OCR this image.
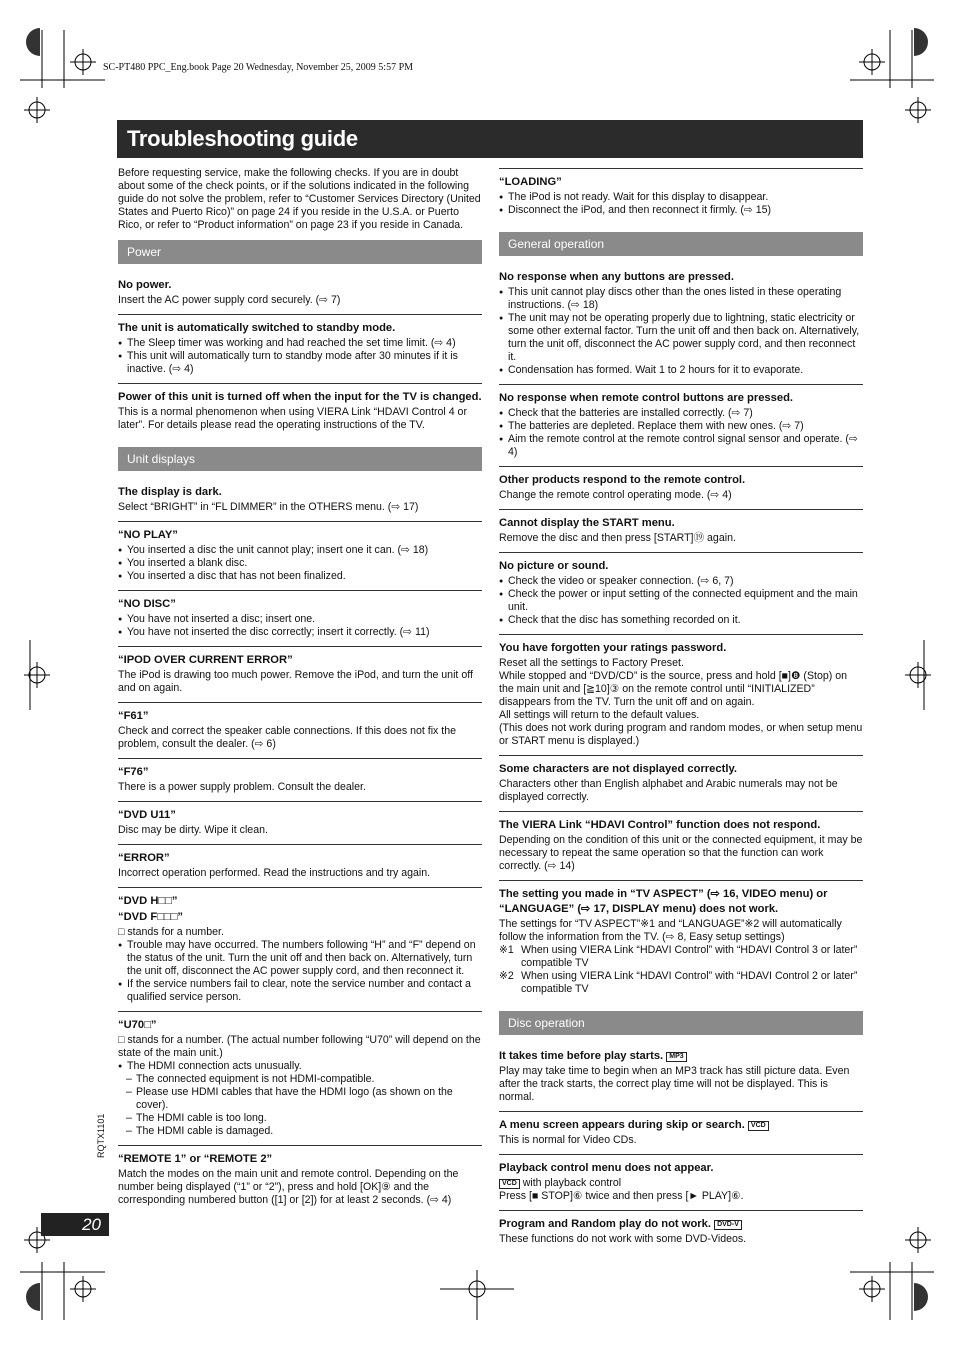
SC-PT480 PPC_Eng.book Page 20 Wednesday, November 25, 2009 5:57 PM
Troubleshooting guide

Before requesting service, make the following checks. If you are in doubt about some of the check points, or if the solutions indicated in the following guide do not solve the problem, refer to “Customer Services Directory (United States and Puerto Rico)” on page 24 if you reside in the U.S.A. or Puerto Rico, or refer to “Product information” on page 23 if you reside in Canada.

Power
No power.

Insert the AC power supply cord securely. (⇨ 7)

The unit is automatically switched to standby mode.
● The Sleep timer was working and had reached the set time limit. (⇨ 4)
● This unit will automatically turn to standby mode after 30 minutes if it is inactive. (⇨ 4)
Power of this unit is turned off when the input for the TV is changed.

This is a normal phenomenon when using VIERA Link “HDAVI Control 4 or later”. For details please read the operating instructions of the TV.

Unit displays
The display is dark.

Select “BRIGHT” in “FL DIMMER” in the OTHERS menu. (⇨ 17)

“NO PLAY”
● You inserted a disc the unit cannot play; insert one it can. (⇨ 18)
● You inserted a blank disc.
● You inserted a disc that has not been finalized.
“NO DISC”
● You have not inserted a disc; insert one.
● You have not inserted the disc correctly; insert it correctly. (⇨ 11)
“IPOD OVER CURRENT ERROR”

The iPod is drawing too much power. Remove the iPod, and turn the unit off and on again.

“F61”

Check and correct the speaker cable connections. If this does not fix the problem, consult the dealer. (⇨ 6)

“F76”

There is a power supply problem. Consult the dealer.

“DVD U11”

Disc may be dirty. Wipe it clean.

“ERROR”

Incorrect operation performed. Read the instructions and try again.

“DVD H□□”
“DVD F□□□”

□ stands for a number.

● Trouble may have occurred. The numbers following “H” and “F” depend on the status of the unit. Turn the unit off and then back on. Alternatively, turn the unit off, disconnect the AC power supply cord, and then reconnect it.
● If the service numbers fail to clear, note the service number and contact a qualified service person.
“U70□”

□ stands for a number. (The actual number following “U70” will depend on the state of the main unit.)

● The HDMI connection acts unusually.
– The connected equipment is not HDMI-compatible.
– Please use HDMI cables that have the HDMI logo (as shown on the cover).
– The HDMI cable is too long.
– The HDMI cable is damaged.
“REMOTE 1” or “REMOTE 2”

Match the modes on the main unit and remote control. Depending on the number being displayed (“1” or “2”), press and hold [OK]⑨ and the corresponding numbered button ([1] or [2]) for at least 2 seconds. (⇨ 4)

“LOADING”
● The iPod is not ready. Wait for this display to disappear.
● Disconnect the iPod, and then reconnect it firmly. (⇨ 15)
General operation
No response when any buttons are pressed.
● This unit cannot play discs other than the ones listed in these operating instructions. (⇨ 18)
● The unit may not be operating properly due to lightning, static electricity or some other external factor. Turn the unit off and then back on. Alternatively, turn the unit off, disconnect the AC power supply cord, and then reconnect it.
● Condensation has formed. Wait 1 to 2 hours for it to evaporate.
No response when remote control buttons are pressed.
● Check that the batteries are installed correctly. (⇨ 7)
● The batteries are depleted. Replace them with new ones. (⇨ 7)
● Aim the remote control at the remote control signal sensor and operate. (⇨ 4)
Other products respond to the remote control.

Change the remote control operating mode. (⇨ 4)

Cannot display the START menu.

Remove the disc and then press [START]⑲ again.

No picture or sound.
● Check the video or speaker connection. (⇨ 6, 7)
● Check the power or input setting of the connected equipment and the main unit.
● Check that the disc has something recorded on it.
You have forgotten your ratings password.

Reset all the settings to Factory Preset.

While stopped and “DVD/CD” is the source, press and hold [■]❽ (Stop) on the main unit and [≧10]③ on the remote control until “INITIALIZED” disappears from the TV. Turn the unit off and on again.

All settings will return to the default values.

(This does not work during program and random modes, or when setup menu or START menu is displayed.)

Some characters are not displayed correctly.

Characters other than English alphabet and Arabic numerals may not be displayed correctly.

The VIERA Link “HDAVI Control” function does not respond.

Depending on the condition of this unit or the connected equipment, it may be necessary to repeat the same operation so that the function can work correctly. (⇨ 14)

The setting you made in “TV ASPECT” (⇨ 16, VIDEO menu) or “LANGUAGE” (⇨ 17, DISPLAY menu) does not work.

The settings for “TV ASPECT”※1 and “LANGUAGE”※2 will automatically follow the information from the TV. (⇨ 8, Easy setup settings)

※1 When using VIERA Link “HDAVI Control” with “HDAVI Control 3 or later” compatible TV
※2 When using VIERA Link “HDAVI Control” with “HDAVI Control 2 or later” compatible TV
Disc operation
It takes time before play starts. MP3

Play may take time to begin when an MP3 track has still picture data. Even after the track starts, the correct play time will not be displayed. This is normal.

A menu screen appears during skip or search. VCD

This is normal for Video CDs.

Playback control menu does not appear.

VCD with playback control

Press [■ STOP]⑥ twice and then press [► PLAY]⑥.

Program and Random play do not work. DVD-V

These functions do not work with some DVD-Videos.

RQTX1101
20
